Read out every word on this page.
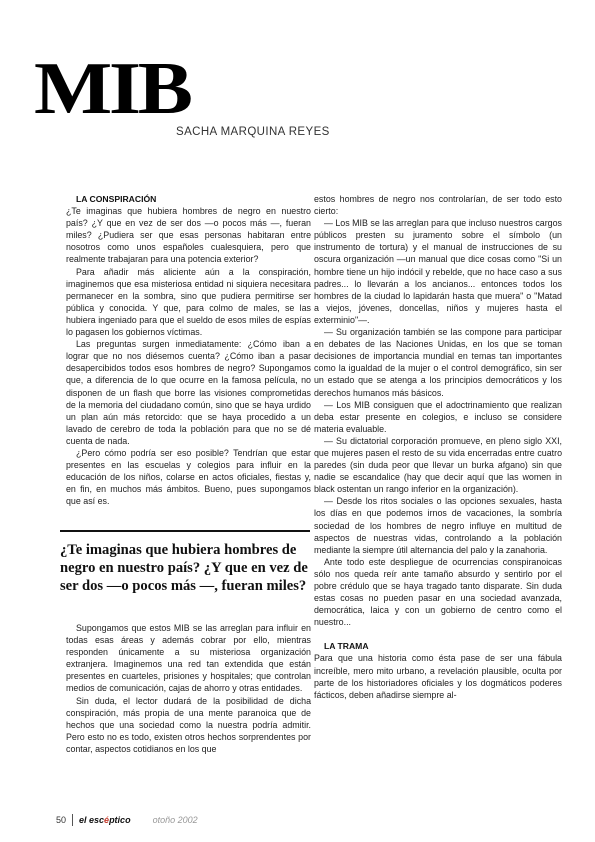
MIB
SACHA MARQUINA REYES

LA CONSPIRACIÓN

¿Te imaginas que hubiera hombres de negro en nuestro país? ¿Y que en vez de ser dos —o pocos más —, fueran miles? ¿Pudiera ser que esas personas habitaran entre nosotros como unos españoles cualesquiera, pero que realmente trabajaran para una potencia exterior?

Para añadir más aliciente aún a la conspiración, imaginemos que esa misteriosa entidad ni siquiera necesitara permanecer en la sombra, sino que pudiera permitirse ser pública y conocida. Y que, para colmo de males, se las hubiera ingeniado para que el sueldo de esos miles de espías lo pagasen los gobiernos víctimas.

Las preguntas surgen inmediatamente: ¿Cómo iban a lograr que no nos diésemos cuenta? ¿Cómo iban a pasar desapercibidos todos esos hombres de negro? Supongamos que, a diferencia de lo que ocurre en la famosa película, no disponen de un flash que borre las visiones comprometidas de la memoria del ciudadano común, sino que se haya urdido un plan aún más retorcido: que se haya procedido a un lavado de cerebro de toda la población para que no se dé cuenta de nada.

¿Pero cómo podría ser eso posible? Tendrían que estar presentes en las escuelas y colegios para influir en la educación de los niños, colarse en actos oficiales, fiestas y, en fin, en muchos más ámbitos. Bueno, pues supongamos que así es.

¿Te imaginas que hubiera hombres de negro en nuestro país? ¿Y que en vez de ser dos —o pocos más —, fueran miles?

Supongamos que estos MIB se las arreglan para influir en todas esas áreas y además cobrar por ello, mientras responden únicamente a su misteriosa organización extranjera. Imaginemos una red tan extendida que están presentes en cuarteles, prisiones y hospitales; que controlan medios de comunicación, cajas de ahorro y otras entidades.

Sin duda, el lector dudará de la posibilidad de dicha conspiración, más propia de una mente paranoica que de hechos que una sociedad como la nuestra podría admitir. Pero esto no es todo, existen otros hechos sorprendentes por contar, aspectos cotidianos en los que

estos hombres de negro nos controlarían, de ser todo esto cierto:

— Los MIB se las arreglan para que incluso nuestros cargos públicos presten su juramento sobre el símbolo (un instrumento de tortura) y el manual de instrucciones de su oscura organización —un manual que dice cosas como "Si un hombre tiene un hijo indócil y rebelde, que no hace caso a sus padres... lo llevarán a los ancianos... entonces todos los hombres de la ciudad lo lapidarán hasta que muera" o "Matad a viejos, jóvenes, doncellas, niños y mujeres hasta el exterminio"—.

— Su organización también se las compone para participar en debates de las Naciones Unidas, en los que se toman decisiones de importancia mundial en temas tan importantes como la igualdad de la mujer o el control demográfico, sin ser un estado que se atenga a los principios democráticos y los derechos humanos más básicos.

— Los MIB consiguen que el adoctrinamiento que realizan deba estar presente en colegios, e incluso se considere materia evaluable.

— Su dictatorial corporación promueve, en pleno siglo XXI, que mujeres pasen el resto de su vida encerradas entre cuatro paredes (sin duda peor que llevar un burka afgano) sin que nadie se escandalice (hay que decir aquí que las women in black ostentan un rango inferior en la organización).

— Desde los ritos sociales o las opciones sexuales, hasta los días en que podemos irnos de vacaciones, la sombría sociedad de los hombres de negro influye en multitud de aspectos de nuestras vidas, controlando a la población mediante la siempre útil alternancia del palo y la zanahoria.

Ante todo este despliegue de ocurrencias conspiranoicas sólo nos queda reír ante tamaño absurdo y sentirlo por el pobre crédulo que se haya tragado tanto disparate. Sin duda estas cosas no pueden pasar en una sociedad avanzada, democrática, laica y con un gobierno de centro como el nuestro...

LA TRAMA

Para que una historia como ésta pase de ser una fábula increíble, mero mito urbano, a revelación plausible, oculta por parte de los historiadores oficiales y los dogmáticos poderes fácticos, deben añadirse siempre al-

50 el escéptico otoño 2002
